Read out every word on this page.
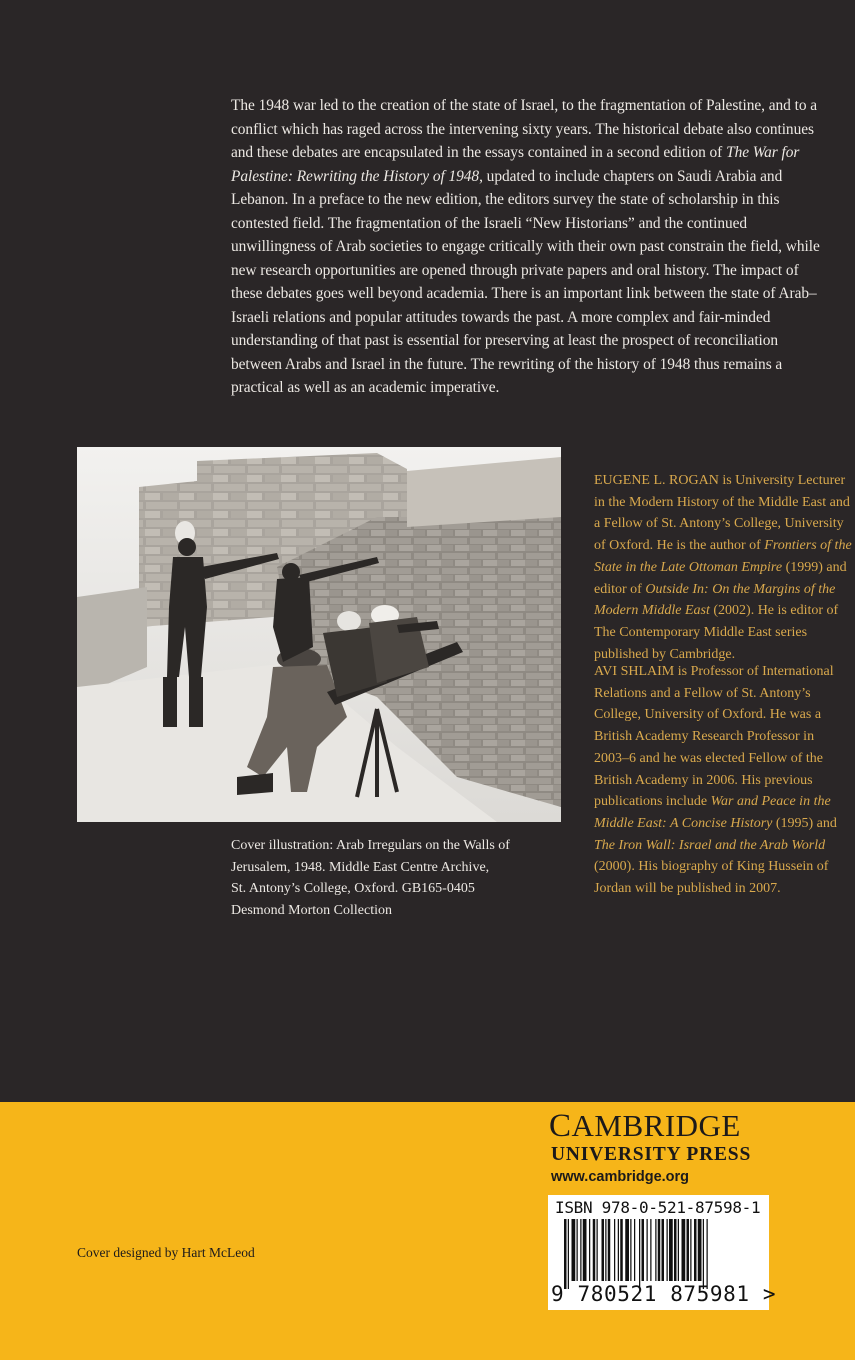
The 1948 war led to the creation of the state of Israel, to the fragmentation of Palestine, and to a conflict which has raged across the intervening sixty years. The historical debate also continues and these debates are encapsulated in the essays contained in a second edition of The War for Palestine: Rewriting the History of 1948, updated to include chapters on Saudi Arabia and Lebanon. In a preface to the new edition, the editors survey the state of scholarship in this contested field. The fragmentation of the Israeli “New Historians” and the continued unwillingness of Arab societies to engage critically with their own past constrain the field, while new research opportunities are opened through private papers and oral history. The impact of these debates goes well beyond academia. There is an important link between the state of Arab–Israeli relations and popular attitudes towards the past. A more complex and fair-minded understanding of that past is essential for preserving at least the prospect of reconciliation between Arabs and Israel in the future. The rewriting of the history of 1948 thus remains a practical as well as an academic imperative.

Cover illustration: Arab Irregulars on the Walls of
Jerusalem, 1948. Middle East Centre Archive,
St. Antony’s College, Oxford. GB165-0405
Desmond Morton Collection

EUGENE L. ROGAN is University Lecturer in the Modern History of the Middle East and a Fellow of St. Antony’s College, University of Oxford. He is the author of Frontiers of the State in the Late Ottoman Empire (1999) and editor of Outside In: On the Margins of the Modern Middle East (2002). He is editor of The Contemporary Middle East series published by Cambridge.

AVI SHLAIM is Professor of International Relations and a Fellow of St. Antony’s College, University of Oxford. He was a British Academy Research Professor in 2003–6 and he was elected Fellow of the British Academy in 2006. His previous publications include War and Peace in the Middle East: A Concise History (1995) and The Iron Wall: Israel and the Arab World (2000). His biography of King Hussein of Jordan will be published in 2007.

Cover designed by Hart McLeod

CAMBRIDGE

UNIVERSITY PRESS

www.cambridge.org

ISBN 978-0-521-87598-1

9 780521 875981 >
